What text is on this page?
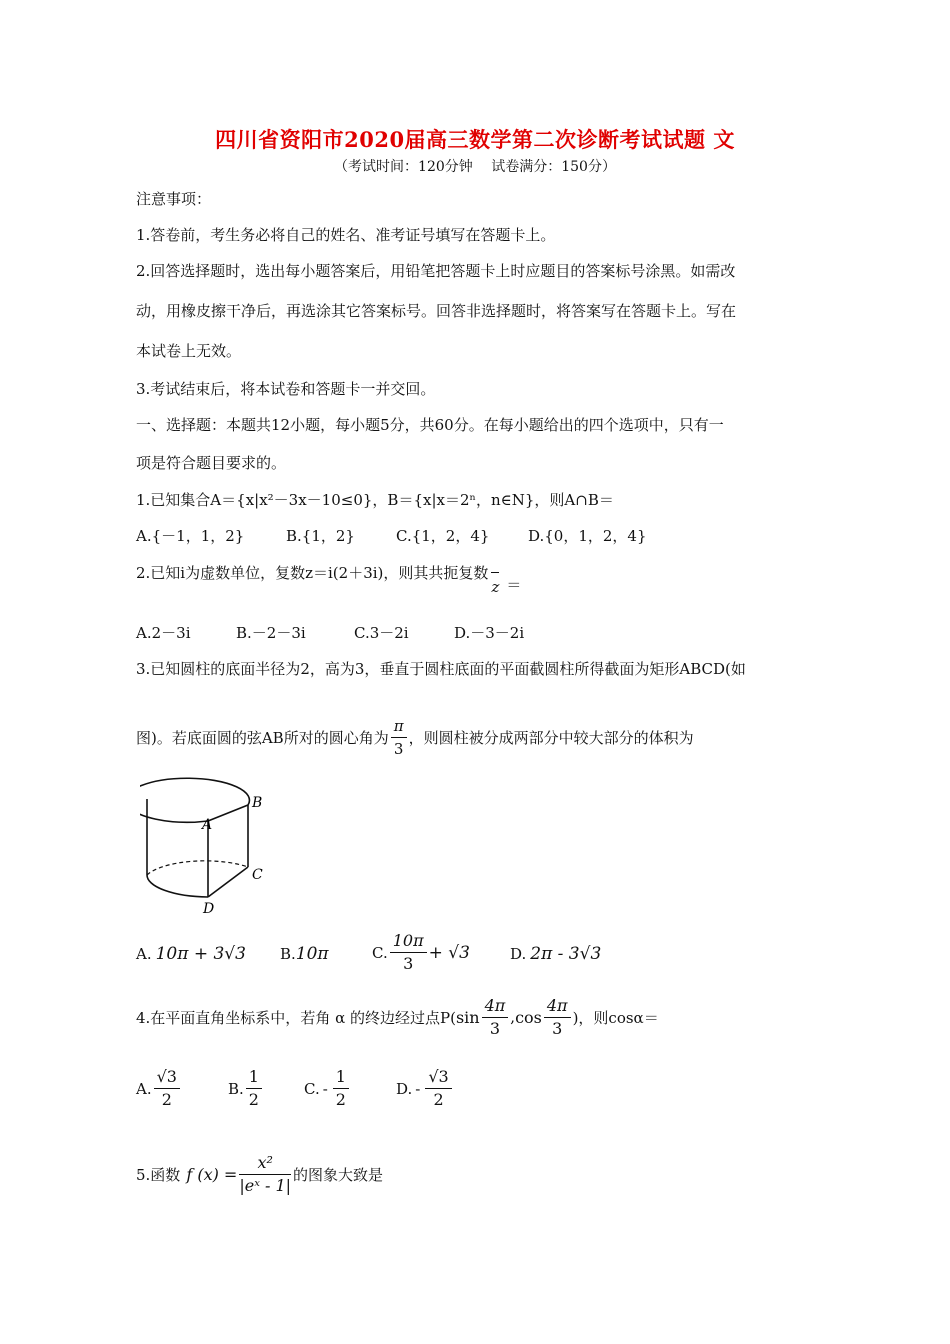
四川省资阳市2020届高三数学第二次诊断考试试题 文
（考试时间：120分钟　 试卷满分：150分）
注意事项：
1.答卷前，考生务必将自己的姓名、准考证号填写在答题卡上。
2.回答选择题时，选出每小题答案后，用铅笔把答题卡上时应题目的答案标号涂黑。如需改
动，用橡皮擦干净后，再选涂其它答案标号。回答非选择题时，将答案写在答题卡上。写在
本试卷上无效。
3.考试结束后，将本试卷和答题卡一并交回。
一、选择题：本题共12小题，每小题5分，共60分。在每小题给出的四个选项中，只有一
项是符合题目要求的。
1.已知集合A＝{x|x²－3x－10≤0}，B＝{x|x＝2ⁿ，n∈N}，则A∩B＝
A.{－1，1，2}	B.{1，2}	C.{1，2，4}	D.{0，1，2，4}
2.已知i为虚数单位，复数z＝i(2＋3i)，则其共扼复数
z ＝
A.2－3i	B.－2－3i	C.3－2i	D.－3－2i
3.已知圆柱的底面半径为2，高为3，垂直于圆柱底面的平面截圆柱所得截面为矩形ABCD(如
图)。若底面圆的弦AB所对的圆心角为 $\frac{\pi}{3}$ ，则圆柱被分成两部分中较大部分的体积为
A
B
C
D
A. 10π + 3√3 B.10π	C. $\frac{10\pi}{3} + √3$	D. 2π - 3√3
4.在平面直角坐标系中，若角 α 的终边经过点P( $\sin \frac{4\pi}{3}$ , $\cos \frac{4\pi}{3}$ )，则cosα＝
A. $\frac{√3}{2}$	B. $\frac{1}{2}$	C. - $\frac{1}{2}$	D. - $\frac{√3}{2}$
5.函数 f $(x) = \frac{\text{x²}}{\text{|eˣ - 1|}}$ 的图象大致是
